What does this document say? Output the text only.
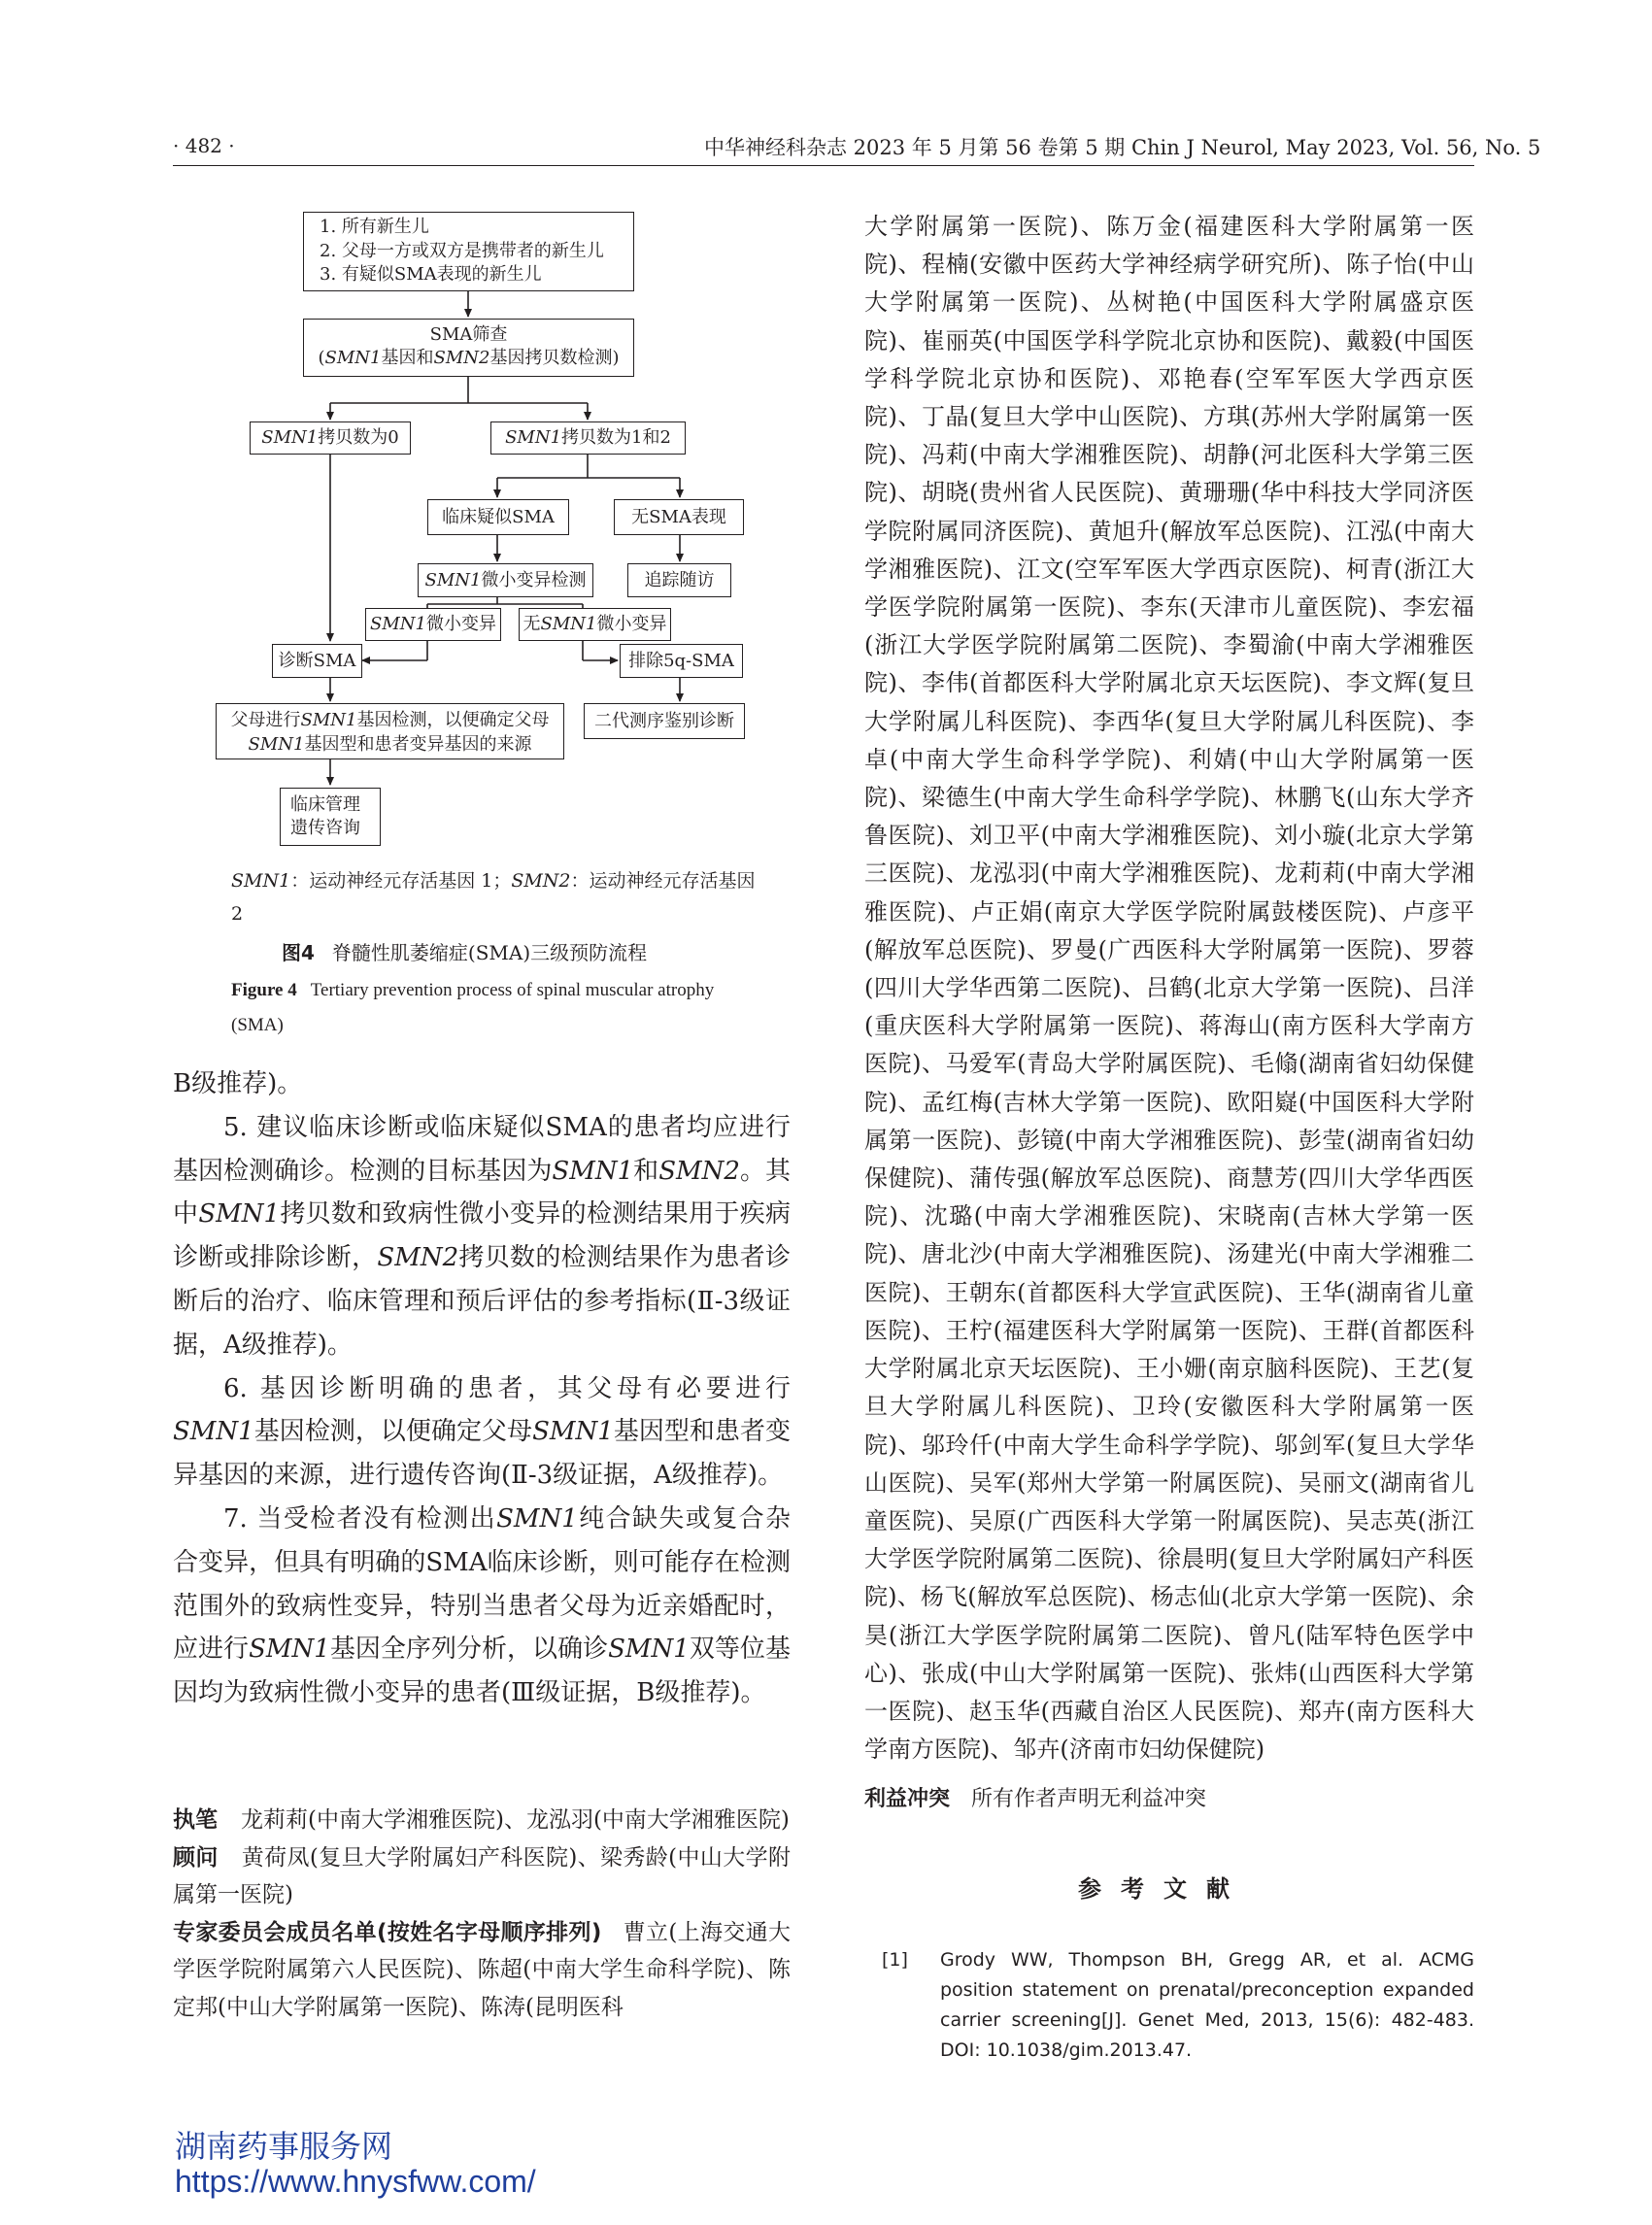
· 482 ·	中华神经科杂志 2023 年 5 月第 56 卷第 5 期 Chin J Neurol, May 2023, Vol. 56, No. 5
1. 所有新生儿
2. 父母一方或双方是携带者的新生儿
3. 有疑似SMA表现的新生儿
SMA筛查
(SMN1基因和SMN2基因拷贝数检测)
SMN1 拷贝数为0	SMN1 拷贝数为1和2
临床疑似SMA	无SMA表现
SMN1 微小变异检测	追踪随访
SMN1 微小变异 无 SMN1 微小变异
诊断SMA	排除5q-SMA
父母进行SMN1基因检测，以便确定父母
SMN1基因型和患者变异基因的来源
二代测序鉴别诊断
临床管理
遗传咨询
SMN1：运动神经元存活基因 1；SMN2：运动神经元存活基因2
图4 脊髓性肌萎缩症(SMA)三级预防流程
Figure 4 Tertiary prevention process of spinal muscular atrophy (SMA)

B级推荐)。

5. 建议临床诊断或临床疑似SMA的患者均应进行基因检测确诊。检测的目标基因为SMN1和SMN2。其中SMN1拷贝数和致病性微小变异的检测结果用于疾病诊断或排除诊断，SMN2拷贝数的检测结果作为患者诊断后的治疗、临床管理和预后评估的参考指标(Ⅱ-3级证据，A级推荐)。

6. 基因诊断明确的患者，其父母有必要进行SMN1基因检测，以便确定父母SMN1基因型和患者变异基因的来源，进行遗传咨询(Ⅱ-3级证据，A级推荐)。

7. 当受检者没有检测出SMN1纯合缺失或复合杂合变异，但具有明确的SMA临床诊断，则可能存在检测范围外的致病性变异，特别当患者父母为近亲婚配时，应进行SMN1基因全序列分析，以确诊SMN1双等位基因均为致病性微小变异的患者(Ⅲ级证据，B级推荐)。

执笔 龙莉莉(中南大学湘雅医院)、龙泓羽(中南大学湘雅医院)

顾问 黄荷凤(复旦大学附属妇产科医院)、梁秀龄(中山大学附属第一医院)

专家委员会成员名单(按姓名字母顺序排列) 曹立(上海交通大学医学院附属第六人民医院)、陈超(中南大学生命科学院)、陈定邦(中山大学附属第一医院)、陈涛(昆明医科

大学附属第一医院)、陈万金(福建医科大学附属第一医院)、程楠(安徽中医药大学神经病学研究所)、陈子怡(中山大学附属第一医院)、丛树艳(中国医科大学附属盛京医院)、崔丽英(中国医学科学院北京协和医院)、戴毅(中国医学科学院北京协和医院)、邓艳春(空军军医大学西京医院)、丁晶(复旦大学中山医院)、方琪(苏州大学附属第一医院)、冯莉(中南大学湘雅医院)、胡静(河北医科大学第三医院)、胡晓(贵州省人民医院)、黄珊珊(华中科技大学同济医学院附属同济医院)、黄旭升(解放军总医院)、江泓(中南大学湘雅医院)、江文(空军军医大学西京医院)、柯青(浙江大学医学院附属第一医院)、李东(天津市儿童医院)、李宏福(浙江大学医学院附属第二医院)、李蜀渝(中南大学湘雅医院)、李伟(首都医科大学附属北京天坛医院)、李文辉(复旦大学附属儿科医院)、李西华(复旦大学附属儿科医院)、李卓(中南大学生命科学学院)、利婧(中山大学附属第一医院)、梁德生(中南大学生命科学学院)、林鹏飞(山东大学齐鲁医院)、刘卫平(中南大学湘雅医院)、刘小璇(北京大学第三医院)、龙泓羽(中南大学湘雅医院)、龙莉莉(中南大学湘雅医院)、卢正娟(南京大学医学院附属鼓楼医院)、卢彦平(解放军总医院)、罗曼(广西医科大学附属第一医院)、罗蓉(四川大学华西第二医院)、吕鹤(北京大学第一医院)、吕洋(重庆医科大学附属第一医院)、蒋海山(南方医科大学南方医院)、马爱军(青岛大学附属医院)、毛翛(湖南省妇幼保健院)、孟红梅(吉林大学第一医院)、欧阳嶷(中国医科大学附属第一医院)、彭镜(中南大学湘雅医院)、彭莹(湖南省妇幼保健院)、蒲传强(解放军总医院)、商慧芳(四川大学华西医院)、沈璐(中南大学湘雅医院)、宋晓南(吉林大学第一医院)、唐北沙(中南大学湘雅医院)、汤建光(中南大学湘雅二医院)、王朝东(首都医科大学宣武医院)、王华(湖南省儿童医院)、王柠(福建医科大学附属第一医院)、王群(首都医科大学附属北京天坛医院)、王小姗(南京脑科医院)、王艺(复旦大学附属儿科医院)、卫玲(安徽医科大学附属第一医院)、邬玲仟(中南大学生命科学学院)、邬剑军(复旦大学华山医院)、吴军(郑州大学第一附属医院)、吴丽文(湖南省儿童医院)、吴原(广西医科大学第一附属医院)、吴志英(浙江大学医学院附属第二医院)、徐晨明(复旦大学附属妇产科医院)、杨飞(解放军总医院)、杨志仙(北京大学第一医院)、余昊(浙江大学医学院附属第二医院)、曾凡(陆军特色医学中心)、张成(中山大学附属第一医院)、张炜(山西医科大学第一医院)、赵玉华(西藏自治区人民医院)、郑卉(南方医科大学南方医院)、邹卉(济南市妇幼保健院)

利益冲突 所有作者声明无利益冲突
参考文献
[1] Grody WW, Thompson BH, Gregg AR, et al. ACMG position statement on prenatal/preconception expanded carrier screening[J]. Genet Med, 2013, 15(6): 482-483. DOI: 10.1038/gim.2013.47.
湖南药事服务网
https://www.hnysfww.com/
